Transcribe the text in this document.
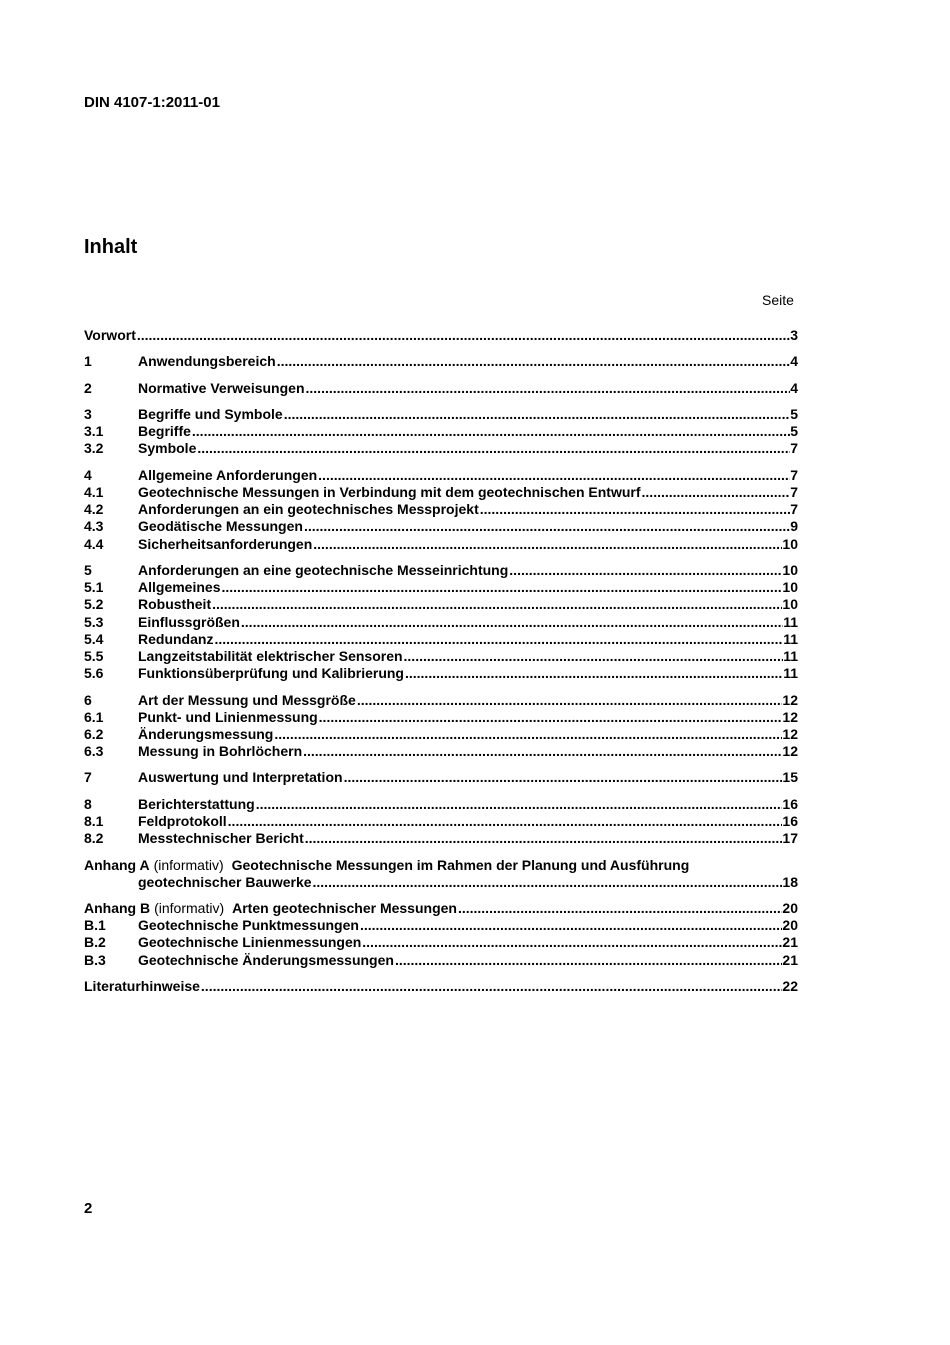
DIN 4107-1:2011-01
Inhalt
Seite
Vorwort .....	3
1	Anwendungsbereich .....	4
2	Normative Verweisungen .....	4
3	Begriffe und Symbole .....	5
3.1	Begriffe .....	5
3.2	Symbole .....	7
4	Allgemeine Anforderungen .....	7
4.1	Geotechnische Messungen in Verbindung mit dem geotechnischen Entwurf .....	7
4.2	Anforderungen an ein geotechnisches Messprojekt .....	7
4.3	Geodätische Messungen .....	9
4.4	Sicherheitsanforderungen .....	10
5	Anforderungen an eine geotechnische Messeinrichtung .....	10
5.1	Allgemeines .....	10
5.2	Robustheit .....	10
5.3	Einflussgrößen .....	11
5.4	Redundanz .....	11
5.5	Langzeitstabilität elektrischer Sensoren .....	11
5.6	Funktionsüberprüfung und Kalibrierung .....	11
6	Art der Messung und Messgröße .....	12
6.1	Punkt- und Linienmessung .....	12
6.2	Änderungsmessung .....	12
6.3	Messung in Bohrlöchern .....	12
7	Auswertung und Interpretation .....	15
8	Berichterstattung .....	16
8.1	Feldprotokoll .....	16
8.2	Messtechnischer Bericht .....	17
Anhang A (informativ) Geotechnische Messungen im Rahmen der Planung und Ausführung
geotechnischer Bauwerke .....	18
Anhang B (informativ) Arten geotechnischer Messungen .....	20
B.1	Geotechnische Punktmessungen .....	20
B.2	Geotechnische Linienmessungen .....	21
B.3	Geotechnische Änderungsmessungen .....	21
Literaturhinweise .....	22
2
